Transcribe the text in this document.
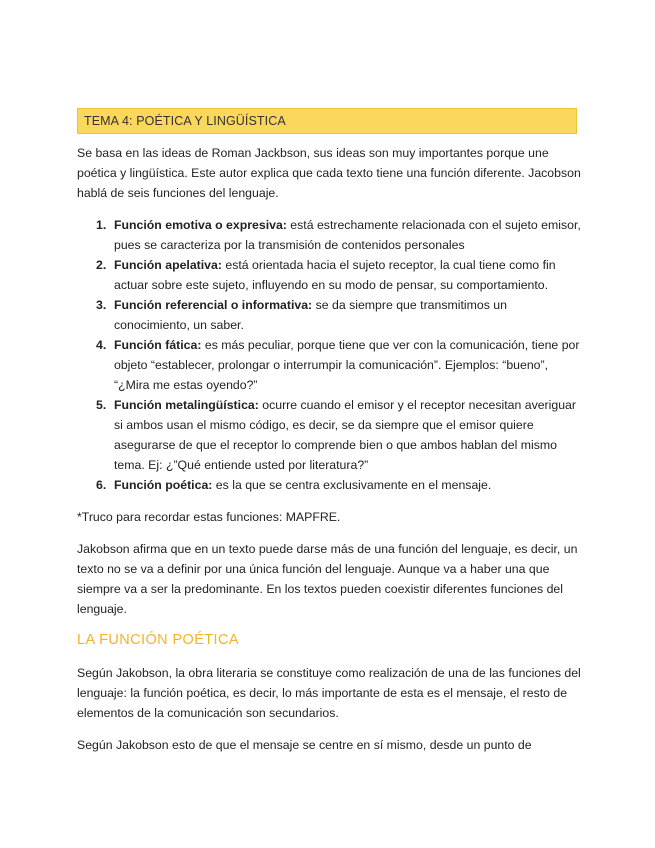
TEMA 4: POÉTICA Y LINGÜÍSTICA

Se basa en las ideas de Roman Jackbson, sus ideas son muy importantes porque une poética y lingüística. Este autor explica que cada texto tiene una función diferente. Jacobson hablá de seis funciones del lenguaje.

Función emotiva o expresiva: está estrechamente relacionada con el sujeto emisor, pues se caracteriza por la transmisión de contenidos personales
Función apelativa: está orientada hacia el sujeto receptor, la cual tiene como fin actuar sobre este sujeto, influyendo en su modo de pensar, su comportamiento.
Función referencial o informativa: se da siempre que transmitimos un conocimiento, un saber.
Función fática: es más peculiar, porque tiene que ver con la comunicación, tiene por objeto “establecer, prolongar o interrumpir la comunicación”. Ejemplos: “bueno”, “¿Mira me estas oyendo?”
Función metalingüística: ocurre cuando el emisor y el receptor necesitan averiguar si ambos usan el mismo código, es decir, se da siempre que el emisor quiere asegurarse de que el receptor lo comprende bien o que ambos hablan del mismo tema. Ej: ¿”Qué entiende usted por literatura?”
Función poética: es la que se centra exclusivamente en el mensaje.

*Truco para recordar estas funciones: MAPFRE.

Jakobson afirma que en un texto puede darse más de una función del lenguaje, es decir, un texto no se va a definir por una única función del lenguaje. Aunque va a haber una que siempre va a ser la predominante. En los textos pueden coexistir diferentes funciones del lenguaje.

LA FUNCIÓN POÉTICA

Según Jakobson, la obra literaria se constituye como realización de una de las funciones del lenguaje: la función poética, es decir, lo más importante de esta es el mensaje, el resto de elementos de la comunicación son secundarios.

Según Jakobson esto de que el mensaje se centre en sí mismo, desde un punto de
